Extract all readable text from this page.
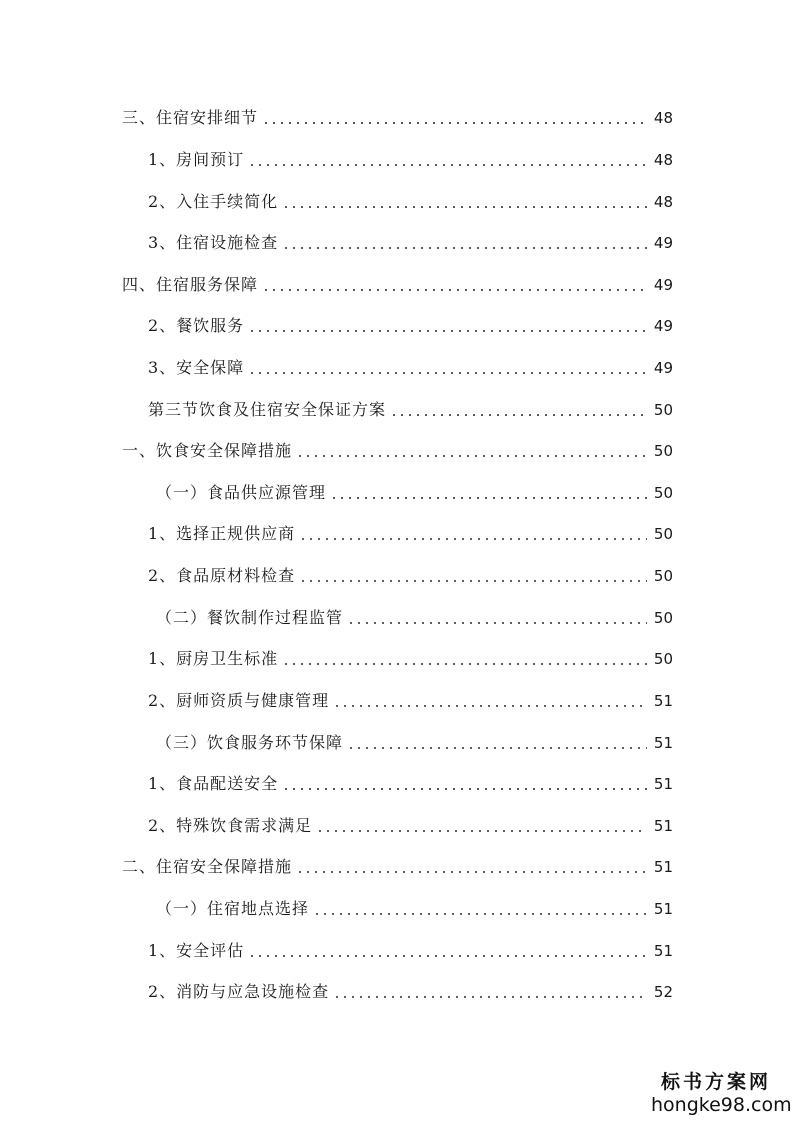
三、住宿安排细节	48
1、房间预订	48
2、入住手续简化	48
3、住宿设施检查	49
四、住宿服务保障	49
2、餐饮服务	49
3、安全保障	49
第三节饮食及住宿安全保证方案	50
一、饮食安全保障措施	50
（一）食品供应源管理	50
1、选择正规供应商	50
2、食品原材料检查	50
（二）餐饮制作过程监管	50
1、厨房卫生标准	50
2、厨师资质与健康管理	51
（三）饮食服务环节保障	51
1、食品配送安全	51
2、特殊饮食需求满足	51
二、住宿安全保障措施	51
（一）住宿地点选择	51
1、安全评估	51
2、消防与应急设施检查	52
标书方案网
hongke98.com
